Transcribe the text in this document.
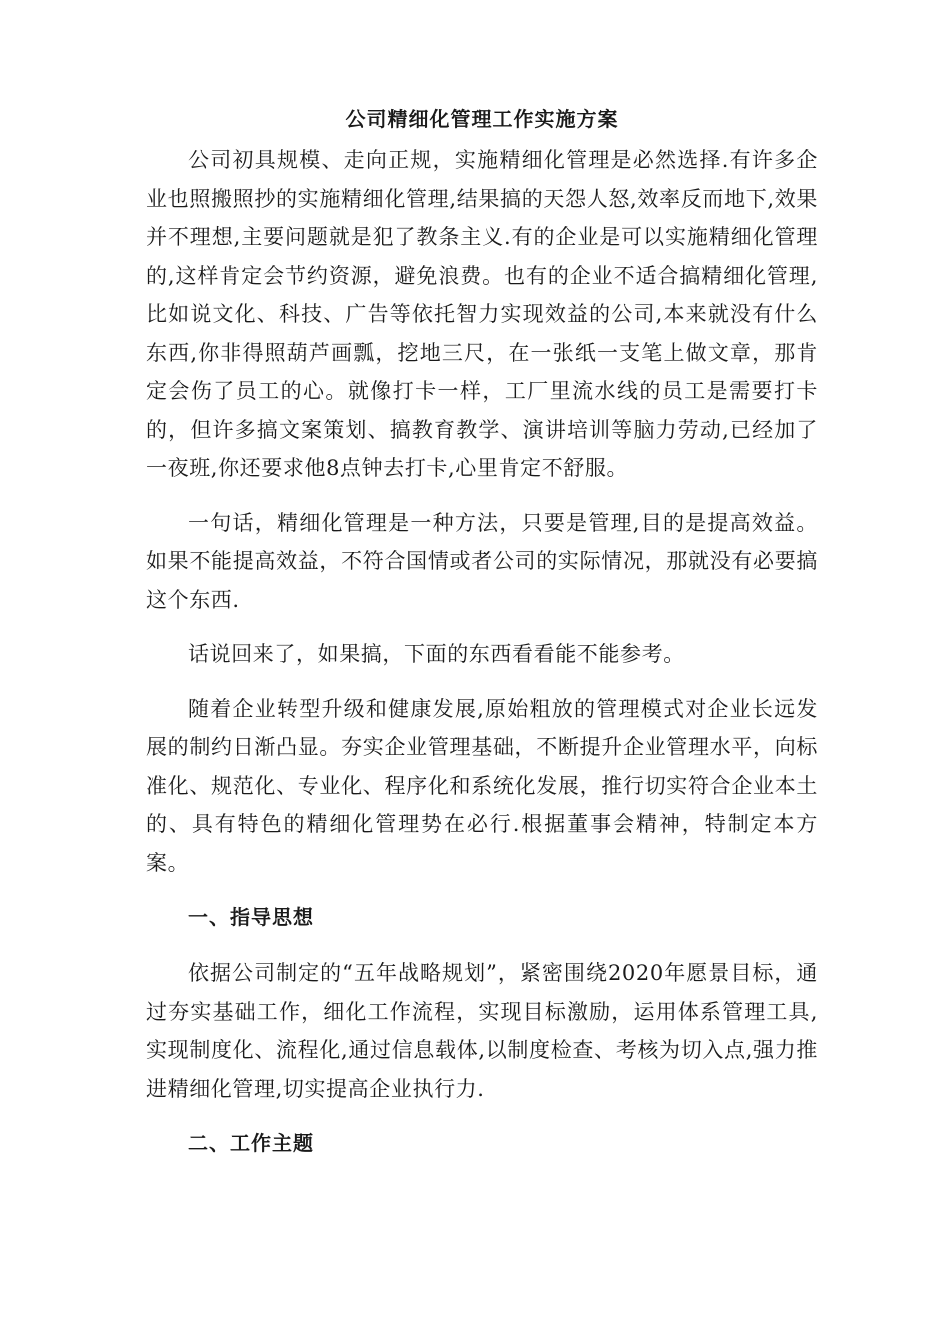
公司精细化管理工作实施方案

公司初具规模、走向正规，实施精细化管理是必然选择.有许多企业也照搬照抄的实施精细化管理,结果搞的天怨人怒,效率反而地下,效果并不理想,主要问题就是犯了教条主义.有的企业是可以实施精细化管理的,这样肯定会节约资源，避免浪费。也有的企业不适合搞精细化管理,比如说文化、科技、广告等依托智力实现效益的公司,本来就没有什么东西,你非得照葫芦画瓢，挖地三尺，在一张纸一支笔上做文章，那肯定会伤了员工的心。就像打卡一样，工厂里流水线的员工是需要打卡的，但许多搞文案策划、搞教育教学、演讲培训等脑力劳动,已经加了一夜班,你还要求他8点钟去打卡,心里肯定不舒服。

一句话，精细化管理是一种方法，只要是管理,目的是提高效益。如果不能提高效益，不符合国情或者公司的实际情况，那就没有必要搞这个东西.

话说回来了，如果搞，下面的东西看看能不能参考。

随着企业转型升级和健康发展,原始粗放的管理模式对企业长远发展的制约日渐凸显。夯实企业管理基础，不断提升企业管理水平，向标准化、规范化、专业化、程序化和系统化发展，推行切实符合企业本土的、具有特色的精细化管理势在必行.根据董事会精神，特制定本方案。

一、指导思想

依据公司制定的“五年战略规划”，紧密围绕2020年愿景目标，通过夯实基础工作，细化工作流程，实现目标激励，运用体系管理工具,实现制度化、流程化,通过信息载体,以制度检查、考核为切入点,强力推进精细化管理,切实提高企业执行力.

二、工作主题
